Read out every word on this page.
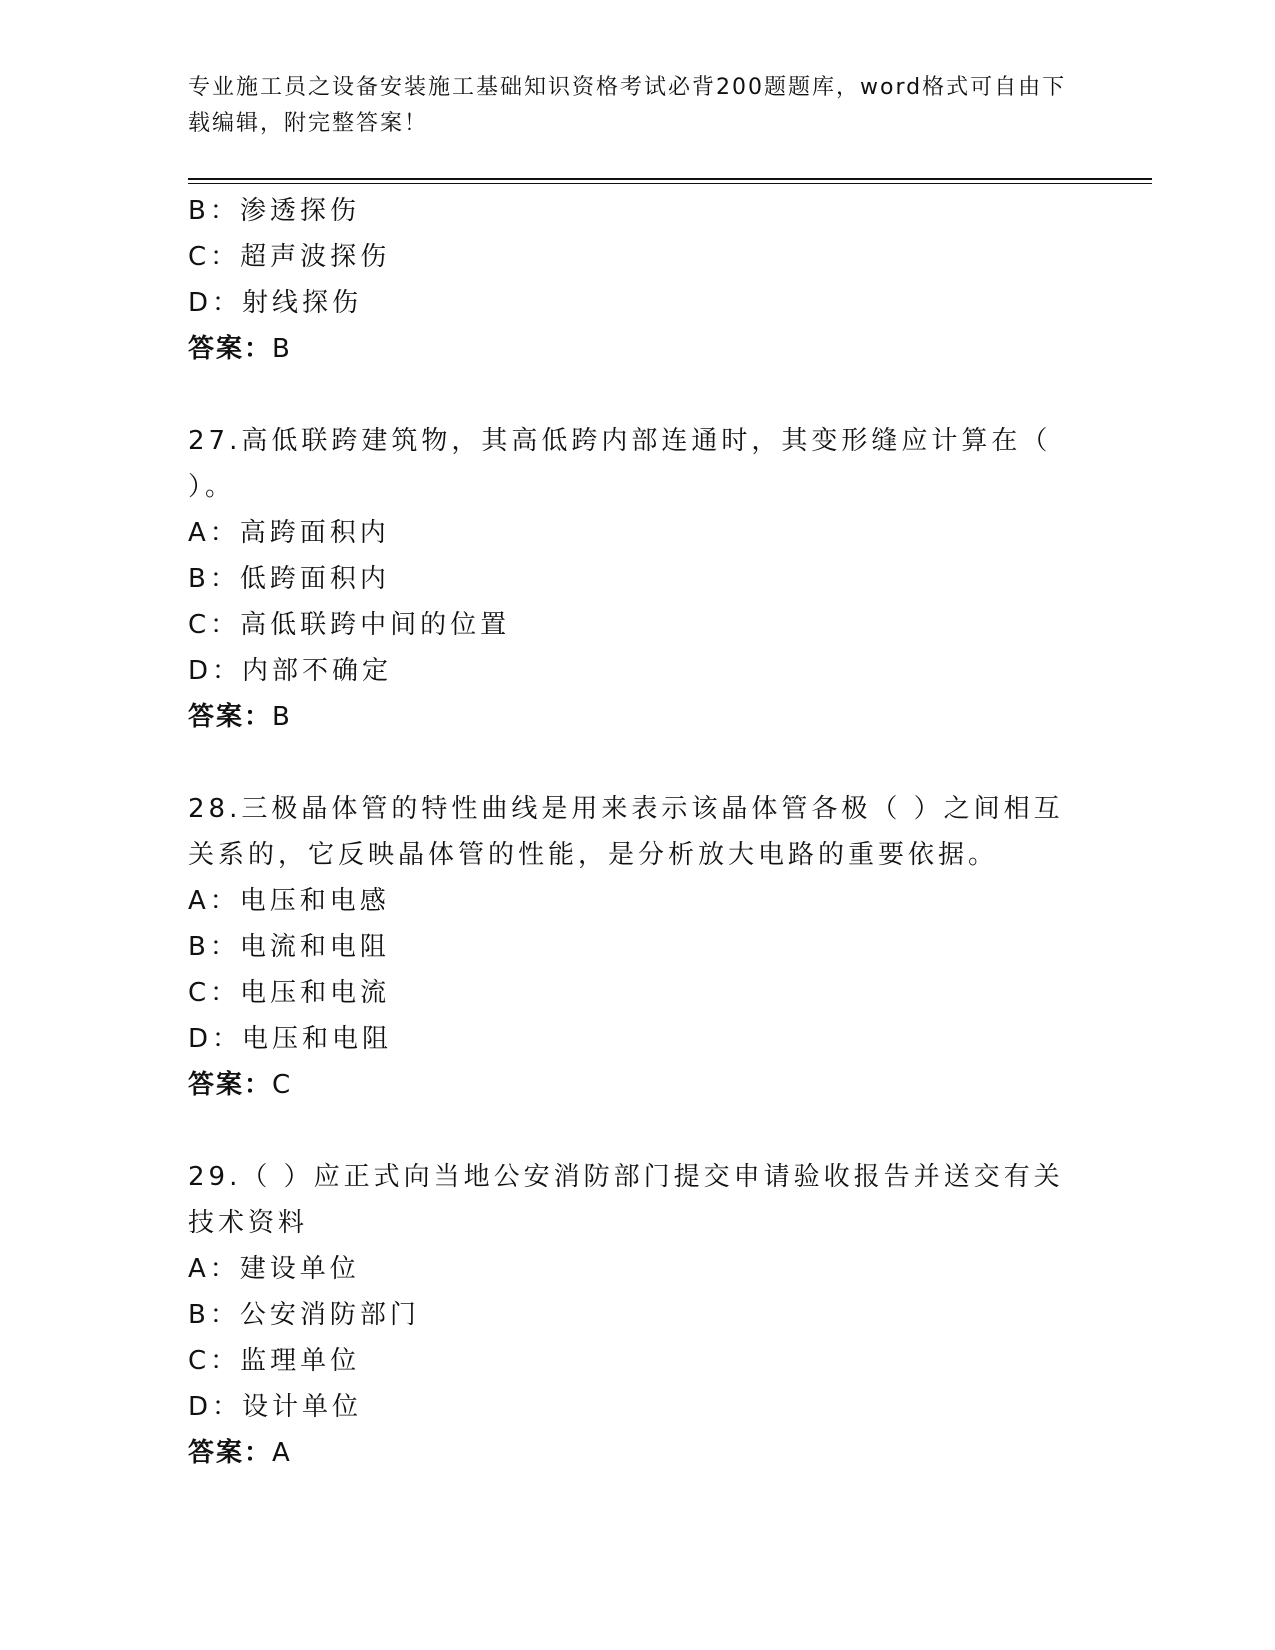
专业施工员之设备安装施工基础知识资格考试必背200题题库，word格式可自由下载编辑，附完整答案！
B：渗透探伤
C：超声波探伤
D：射线探伤
答案：B
27.高低联跨建筑物，其高低跨内部连通时，其变形缝应计算在（ ）。
A：高跨面积内
B：低跨面积内
C：高低联跨中间的位置
D：内部不确定
答案：B
28.三极晶体管的特性曲线是用来表示该晶体管各极（ ）之间相互关系的，它反映晶体管的性能，是分析放大电路的重要依据。
A：电压和电感
B：电流和电阻
C：电压和电流
D：电压和电阻
答案：C
29.（ ）应正式向当地公安消防部门提交申请验收报告并送交有关技术资料
A：建设单位
B：公安消防部门
C：监理单位
D：设计单位
答案：A
